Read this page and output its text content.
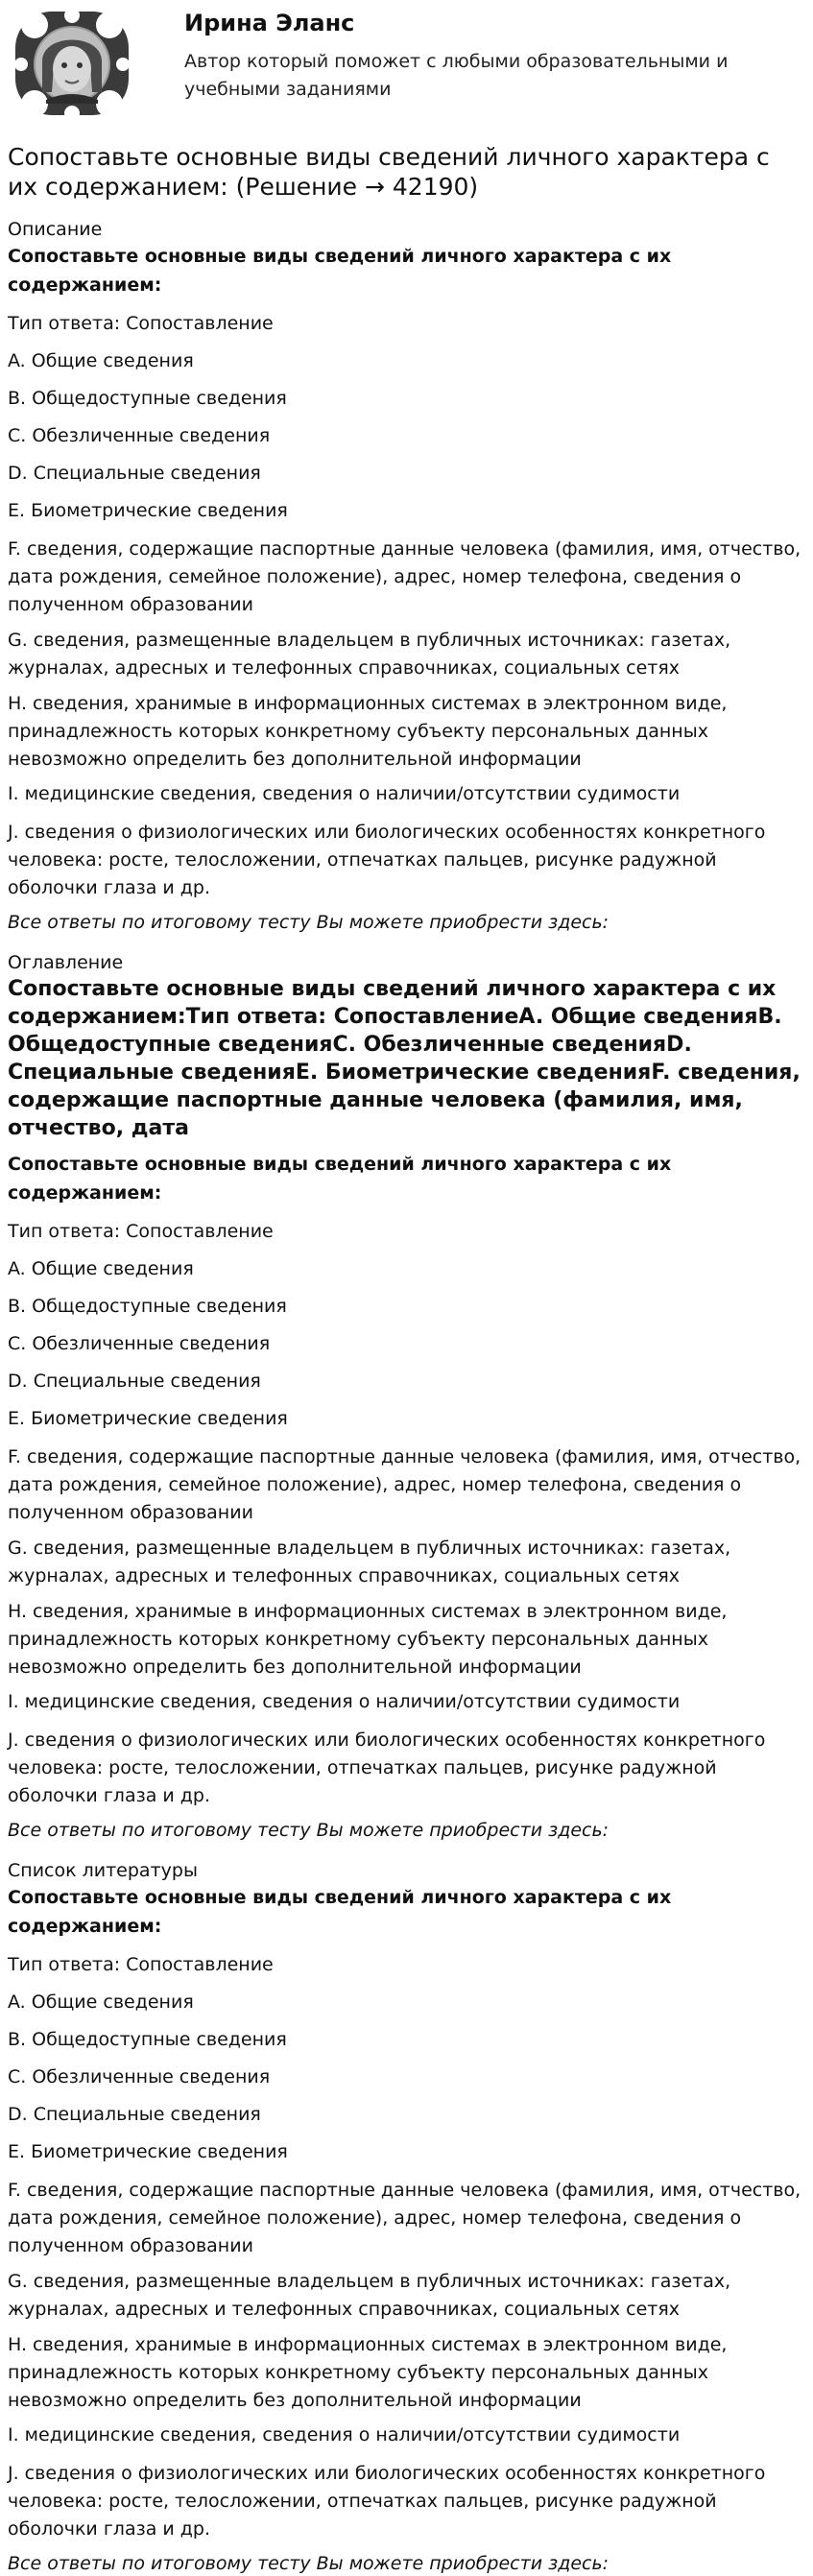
Ирина Эланс

Автор который поможет с любыми образовательными и учебными заданиями

Сопоставьте основные виды сведений личного характера с их содержанием: (Решение → 42190)

Описание

Сопоставьте основные виды сведений личного характера с их содержанием:

Тип ответа: Сопоставление

A. Общие сведения

B. Общедоступные сведения

C. Обезличенные сведения

D. Специальные сведения

E. Биометрические сведения

F. сведения, содержащие паспортные данные человека (фамилия, имя, отчество, дата рождения, семейное положение), адрес, номер телефона, сведения о полученном образовании

G. сведения, размещенные владельцем в публичных источниках: газетах, журналах, адресных и телефонных справочниках, социальных сетях

H. сведения, хранимые в информационных системах в электронном виде, принадлежность которых конкретному субъекту персональных данных невозможно определить без дополнительной информации

I. медицинские сведения, сведения о наличии/отсутствии судимости

J. сведения о физиологических или биологических особенностях конкретного человека: росте, телосложении, отпечатках пальцев, рисунке радужной оболочки глаза и др.

Все ответы по итоговому тесту Вы можете приобрести здесь:

Оглавление

Сопоставьте основные виды сведений личного характера с их содержанием:Тип ответа: СопоставлениеA. Общие сведенияB. Общедоступные сведенияC. Обезличенные сведенияD. Специальные сведенияE. Биометрические сведенияF. сведения, содержащие паспортные данные человека (фамилия, имя, отчество, дата

Сопоставьте основные виды сведений личного характера с их содержанием:

Тип ответа: Сопоставление

A. Общие сведения

B. Общедоступные сведения

C. Обезличенные сведения

D. Специальные сведения

E. Биометрические сведения

F. сведения, содержащие паспортные данные человека (фамилия, имя, отчество, дата рождения, семейное положение), адрес, номер телефона, сведения о полученном образовании

G. сведения, размещенные владельцем в публичных источниках: газетах, журналах, адресных и телефонных справочниках, социальных сетях

H. сведения, хранимые в информационных системах в электронном виде, принадлежность которых конкретному субъекту персональных данных невозможно определить без дополнительной информации

I. медицинские сведения, сведения о наличии/отсутствии судимости

J. сведения о физиологических или биологических особенностях конкретного человека: росте, телосложении, отпечатках пальцев, рисунке радужной оболочки глаза и др.

Все ответы по итоговому тесту Вы можете приобрести здесь:

Список литературы

Сопоставьте основные виды сведений личного характера с их содержанием:

Тип ответа: Сопоставление

A. Общие сведения

B. Общедоступные сведения

C. Обезличенные сведения

D. Специальные сведения

E. Биометрические сведения

F. сведения, содержащие паспортные данные человека (фамилия, имя, отчество, дата рождения, семейное положение), адрес, номер телефона, сведения о полученном образовании

G. сведения, размещенные владельцем в публичных источниках: газетах, журналах, адресных и телефонных справочниках, социальных сетях

H. сведения, хранимые в информационных системах в электронном виде, принадлежность которых конкретному субъекту персональных данных невозможно определить без дополнительной информации

I. медицинские сведения, сведения о наличии/отсутствии судимости

J. сведения о физиологических или биологических особенностях конкретного человека: росте, телосложении, отпечатках пальцев, рисунке радужной оболочки глаза и др.

Все ответы по итоговому тесту Вы можете приобрести здесь:
